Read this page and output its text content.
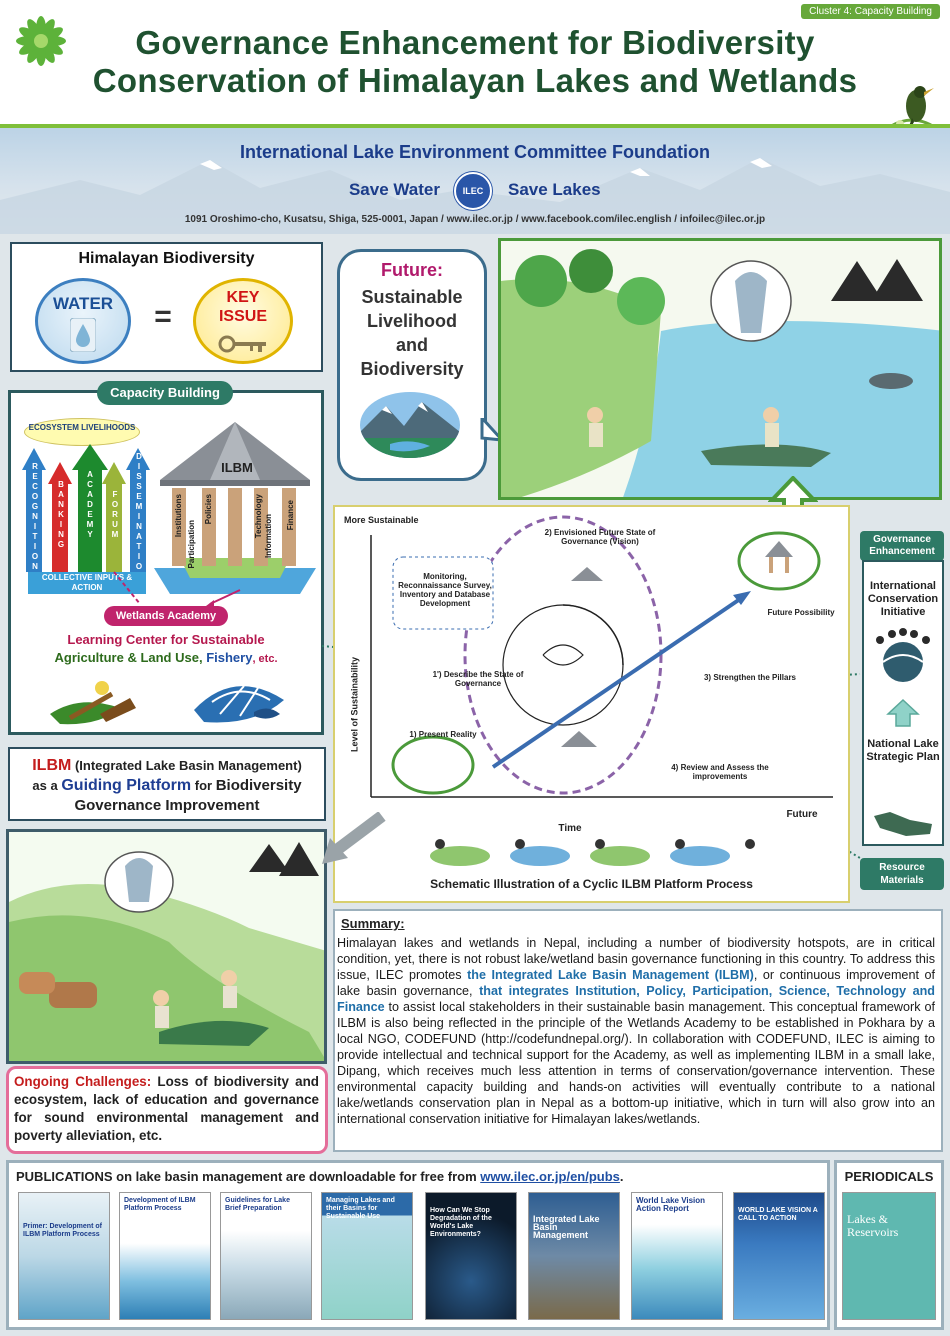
Cluster 4: Capacity Building
Governance Enhancement for Biodiversity
Conservation of Himalayan Lakes and Wetlands
International Lake Environment Committee Foundation
Save Water	ILEC	Save Lakes
1091 Oroshimo-cho, Kusatsu, Shiga, 525-0001, Japan / www.ilec.or.jp / www.facebook.com/ilec.english / infoilec@ilec.or.jp
Himalayan Biodiversity
WATER	=
KEY
ISSUE
Capacity Building
ECOSYSTEM LIVELIHOODS
R
E
C
O
G
N
I
T
I
O
N
B
A
N
K
I
N
G
A
C
A
D
E
M
Y
F
O
R
U
M
D
I
S
S
E
M
I
N
A
T
I
O

COLLECTIVE INPUTS & ACTION
ILBM
Institutions	Policies
Participation	Information
Technology	Finance
Wetlands Academy
Learning Center for Sustainable
Agriculture & Land Use, Fishery, etc.
ILBM (Integrated Lake Basin Management)
as a Guiding Platform for Biodiversity
Governance Improvement
Ongoing Challenges: Loss of biodiversity and ecosystem, lack of education and governance for sound environmental management and poverty alleviation, etc.
Future:
Sustainable
Livelihood
and
Biodiversity
More Sustainable
Level of Sustainability
Time
Future
2) Envisioned Future State of Governance (Vision)
Monitoring, Reconnaissance Survey, Inventory and Database Development
Future Possibility
1') Describe the State of Governance
3) Strengthen the Pillars
1) Present Reality
4) Review and Assess the improvements
Schematic Illustration of a Cyclic ILBM Platform Process
Governance Enhancement
International Conservation Initiative
National Lake Strategic Plan
Resource Materials
Summary:
Himalayan lakes and wetlands in Nepal, including a number of biodiversity hotspots, are in critical condition, yet, there is not robust lake/wetland basin governance functioning in this country. To address this issue, ILEC promotes the Integrated Lake Basin Management (ILBM), or continuous improvement of lake basin governance, that integrates Institution, Policy, Participation, Science, Technology and Finance to assist local stakeholders in their sustainable basin management. This conceptual framework of ILBM is also being reflected in the principle of the Wetlands Academy to be established in Pokhara by a local NGO, CODEFUND (http://codefundnepal.org/). In collaboration with CODEFUND, ILEC is aiming to provide intellectual and technical support for the Academy, as well as implementing ILBM in a small lake, Dipang, which receives much less attention in terms of conservation/governance intervention. These environmental capacity building and hands-on activities will eventually contribute to a national lake/wetlands conservation plan in Nepal as a bottom-up initiative, which in turn will also grow into an international conservation initiative for Himalayan lakes/wetlands.
PUBLICATIONS on lake basin management are downloadable for free from www.ilec.or.jp/en/pubs.
Primer: Development of ILBM Platform Process
Development of ILBM Platform Process
Guidelines for Lake Brief Preparation
Managing Lakes and their Basins for Sustainable Use
How Can We Stop Degradation of the World's Lake Environments?
Integrated Lake Basin Management
World Lake Vision Action Report	WORLD LAKE VISION A CALL TO ACTION
PERIODICALS
Lakes & Reservoirs
